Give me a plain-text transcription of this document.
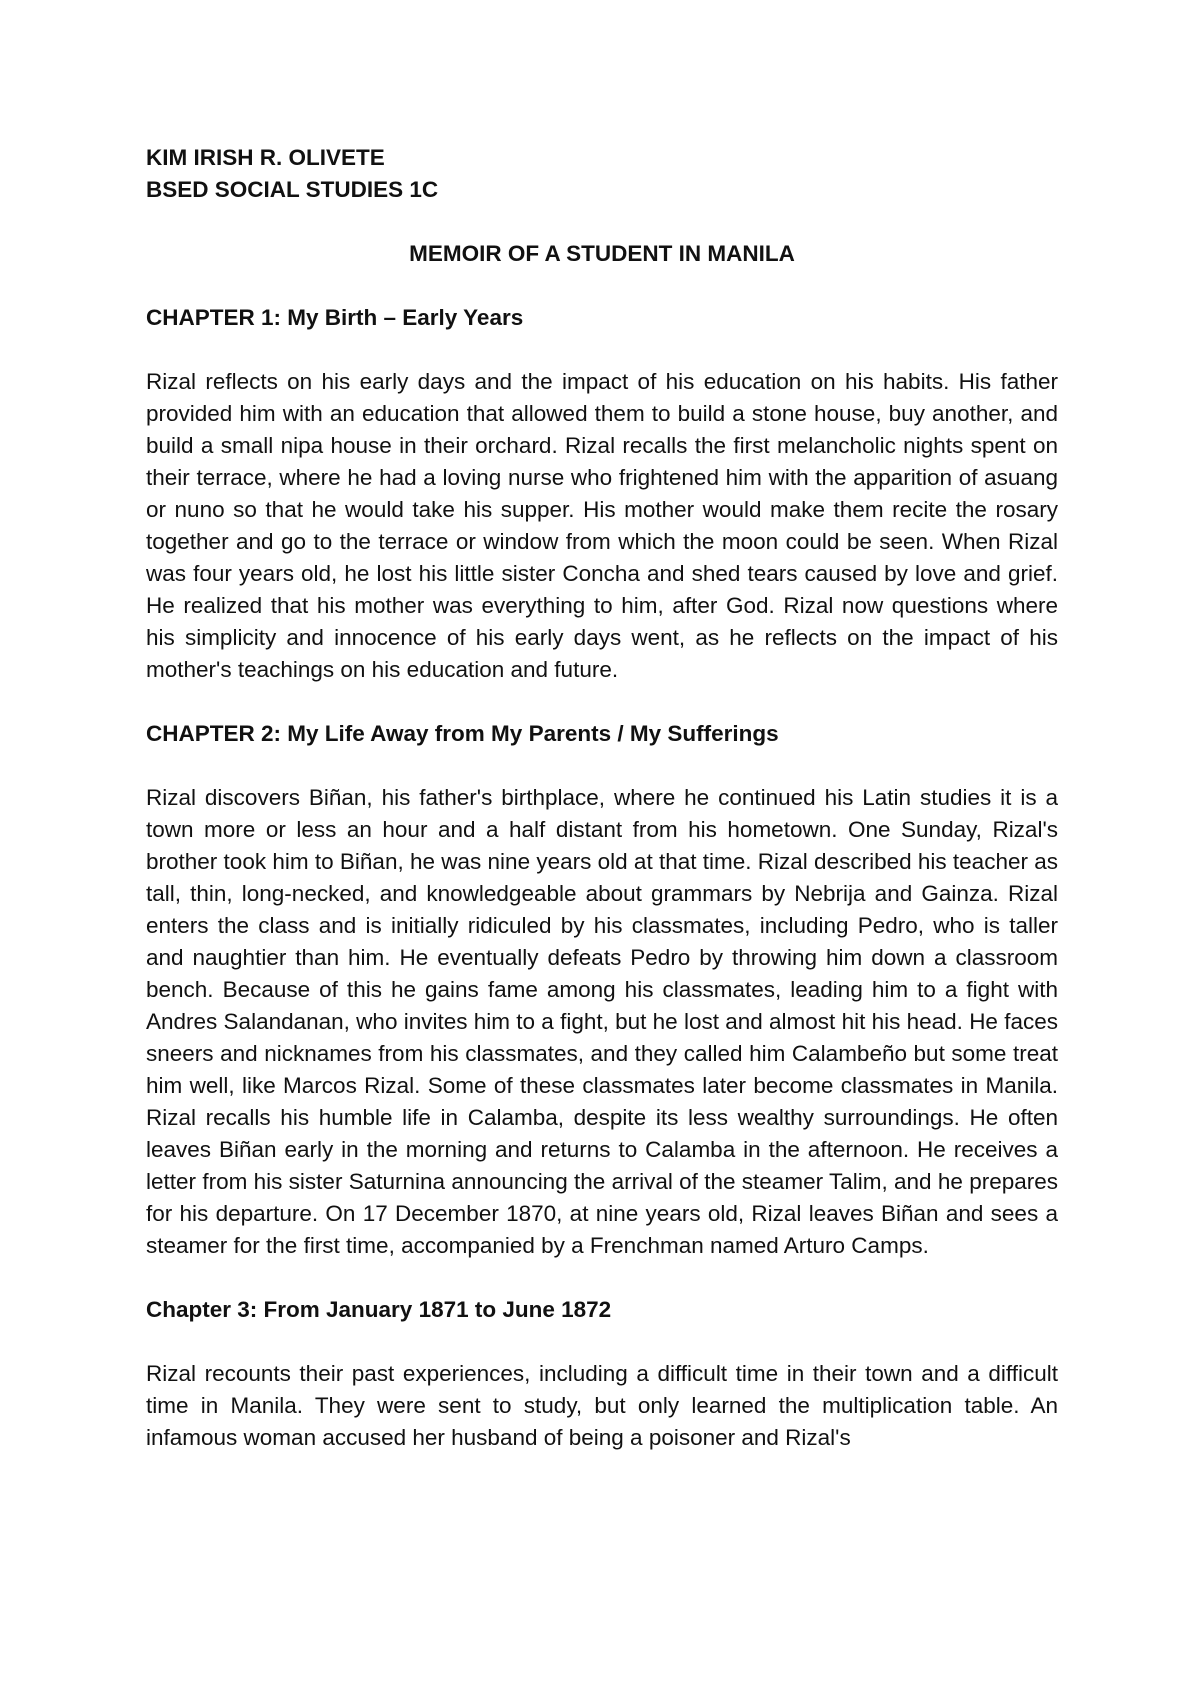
KIM IRISH R. OLIVETE

BSED SOCIAL STUDIES 1C

MEMOIR OF A STUDENT IN MANILA

CHAPTER 1: My Birth – Early Years

Rizal reflects on his early days and the impact of his education on his habits. His father provided him with an education that allowed them to build a stone house, buy another, and build a small nipa house in their orchard. Rizal recalls the first melancholic nights spent on their terrace, where he had a loving nurse who frightened him with the apparition of asuang or nuno so that he would take his supper. His mother would make them recite the rosary together and go to the terrace or window from which the moon could be seen. When Rizal was four years old, he lost his little sister Concha and shed tears caused by love and grief. He realized that his mother was everything to him, after God. Rizal now questions where his simplicity and innocence of his early days went, as he reflects on the impact of his mother's teachings on his education and future.

CHAPTER 2: My Life Away from My Parents / My Sufferings

Rizal discovers Biñan, his father's birthplace, where he continued his Latin studies it is a town more or less an hour and a half distant from his hometown. One Sunday, Rizal's brother took him to Biñan, he was nine years old at that time. Rizal described his teacher as tall, thin, long-necked, and knowledgeable about grammars by Nebrija and Gainza. Rizal enters the class and is initially ridiculed by his classmates, including Pedro, who is taller and naughtier than him. He eventually defeats Pedro by throwing him down a classroom bench. Because of this he gains fame among his classmates, leading him to a fight with Andres Salandanan, who invites him to a fight, but he lost and almost hit his head. He faces sneers and nicknames from his classmates, and they called him Calambeño but some treat him well, like Marcos Rizal. Some of these classmates later become classmates in Manila. Rizal recalls his humble life in Calamba, despite its less wealthy surroundings. He often leaves Biñan early in the morning and returns to Calamba in the afternoon. He receives a letter from his sister Saturnina announcing the arrival of the steamer Talim, and he prepares for his departure. On 17 December 1870, at nine years old, Rizal leaves Biñan and sees a steamer for the first time, accompanied by a Frenchman named Arturo Camps.

Chapter 3: From January 1871 to June 1872

Rizal recounts their past experiences, including a difficult time in their town and a difficult time in Manila. They were sent to study, but only learned the multiplication table. An infamous woman accused her husband of being a poisoner and Rizal's
